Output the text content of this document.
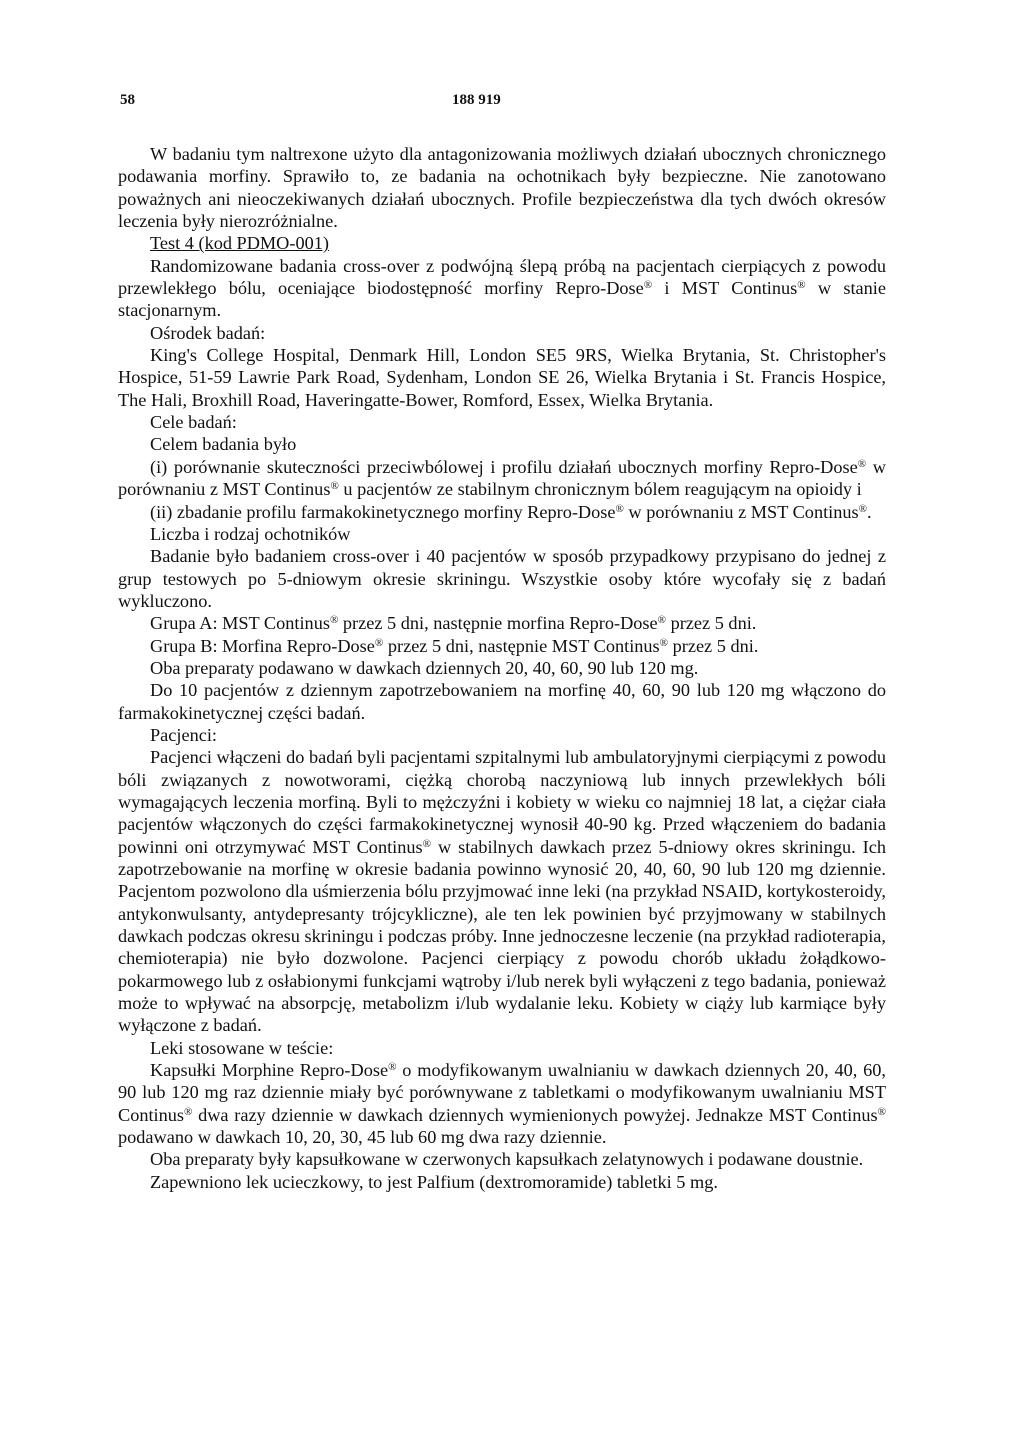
58	188 919

W badaniu tym naltrexone użyto dla antagonizowania możliwych działań ubocznych chronicznego podawania morfiny. Sprawiło to, ze badania na ochotnikach były bezpieczne. Nie zanotowano poważnych ani nieoczekiwanych działań ubocznych. Profile bezpieczeństwa dla tych dwóch okresów leczenia były nierozróżnialne.

Test 4 (kod PDMO-001)

Randomizowane badania cross-over z podwójną ślepą próbą na pacjentach cierpiących z powodu przewlekłego bólu, oceniające biodostępność morfiny Repro-Dose® i MST Continus® w stanie stacjonarnym.

Ośrodek badań:

King's College Hospital, Denmark Hill, London SE5 9RS, Wielka Brytania, St. Christopher's Hospice, 51-59 Lawrie Park Road, Sydenham, London SE 26, Wielka Brytania i St. Francis Hospice, The Hali, Broxhill Road, Haveringatte-Bower, Romford, Essex, Wielka Brytania.

Cele badań:

Celem badania było

(i) porównanie skuteczności przeciwbólowej i profilu działań ubocznych morfiny Repro-Dose® w porównaniu z MST Continus® u pacjentów ze stabilnym chronicznym bólem reagującym na opioidy i

(ii) zbadanie profilu farmakokinetycznego morfiny Repro-Dose® w porównaniu z MST Continus®.

Liczba i rodzaj ochotników

Badanie było badaniem cross-over i 40 pacjentów w sposób przypadkowy przypisano do jednej z grup testowych po 5-dniowym okresie skriningu. Wszystkie osoby które wycofały się z badań wykluczono.

Grupa A: MST Continus® przez 5 dni, następnie morfina Repro-Dose® przez 5 dni.

Grupa B: Morfina Repro-Dose® przez 5 dni, następnie MST Continus® przez 5 dni.

Oba preparaty podawano w dawkach dziennych 20, 40, 60, 90 lub 120 mg.

Do 10 pacjentów z dziennym zapotrzebowaniem na morfinę 40, 60, 90 lub 120 mg włączono do farmakokinetycznej części badań.

Pacjenci:

Pacjenci włączeni do badań byli pacjentami szpitalnymi lub ambulatoryjnymi cierpiącymi z powodu bóli związanych z nowotworami, ciężką chorobą naczyniową lub innych przewlekłych bóli wymagających leczenia morfiną. Byli to mężczyźni i kobiety w wieku co najmniej 18 lat, a ciężar ciała pacjentów włączonych do części farmakokinetycznej wynosił 40-90 kg. Przed włączeniem do badania powinni oni otrzymywać MST Continus® w stabilnych dawkach przez 5-dniowy okres skriningu. Ich zapotrzebowanie na morfinę w okresie badania powinno wynosić 20, 40, 60, 90 lub 120 mg dziennie. Pacjentom pozwolono dla uśmierzenia bólu przyjmować inne leki (na przykład NSAID, kortykosteroidy, antykonwulsanty, antydepresanty trójcykliczne), ale ten lek powinien być przyjmowany w stabilnych dawkach podczas okresu skriningu i podczas próby. Inne jednoczesne leczenie (na przykład radioterapia, chemioterapia) nie było dozwolone. Pacjenci cierpiący z powodu chorób układu żołądkowo-pokarmowego lub z osłabionymi funkcjami wątroby i/lub nerek byli wyłączeni z tego badania, ponieważ może to wpływać na absorpcję, metabolizm i/lub wydalanie leku. Kobiety w ciąży lub karmiące były wyłączone z badań.

Leki stosowane w teście:

Kapsułki Morphine Repro-Dose® o modyfikowanym uwalnianiu w dawkach dziennych 20, 40, 60, 90 lub 120 mg raz dziennie miały być porównywane z tabletkami o modyfikowanym uwalnianiu MST Continus® dwa razy dziennie w dawkach dziennych wymienionych powyżej. Jednakze MST Continus® podawano w dawkach 10, 20, 30, 45 lub 60 mg dwa razy dziennie.

Oba preparaty były kapsułkowane w czerwonych kapsułkach zelatynowych i podawane doustnie.

Zapewniono lek ucieczkowy, to jest Palfium (dextromoramide) tabletki 5 mg.
